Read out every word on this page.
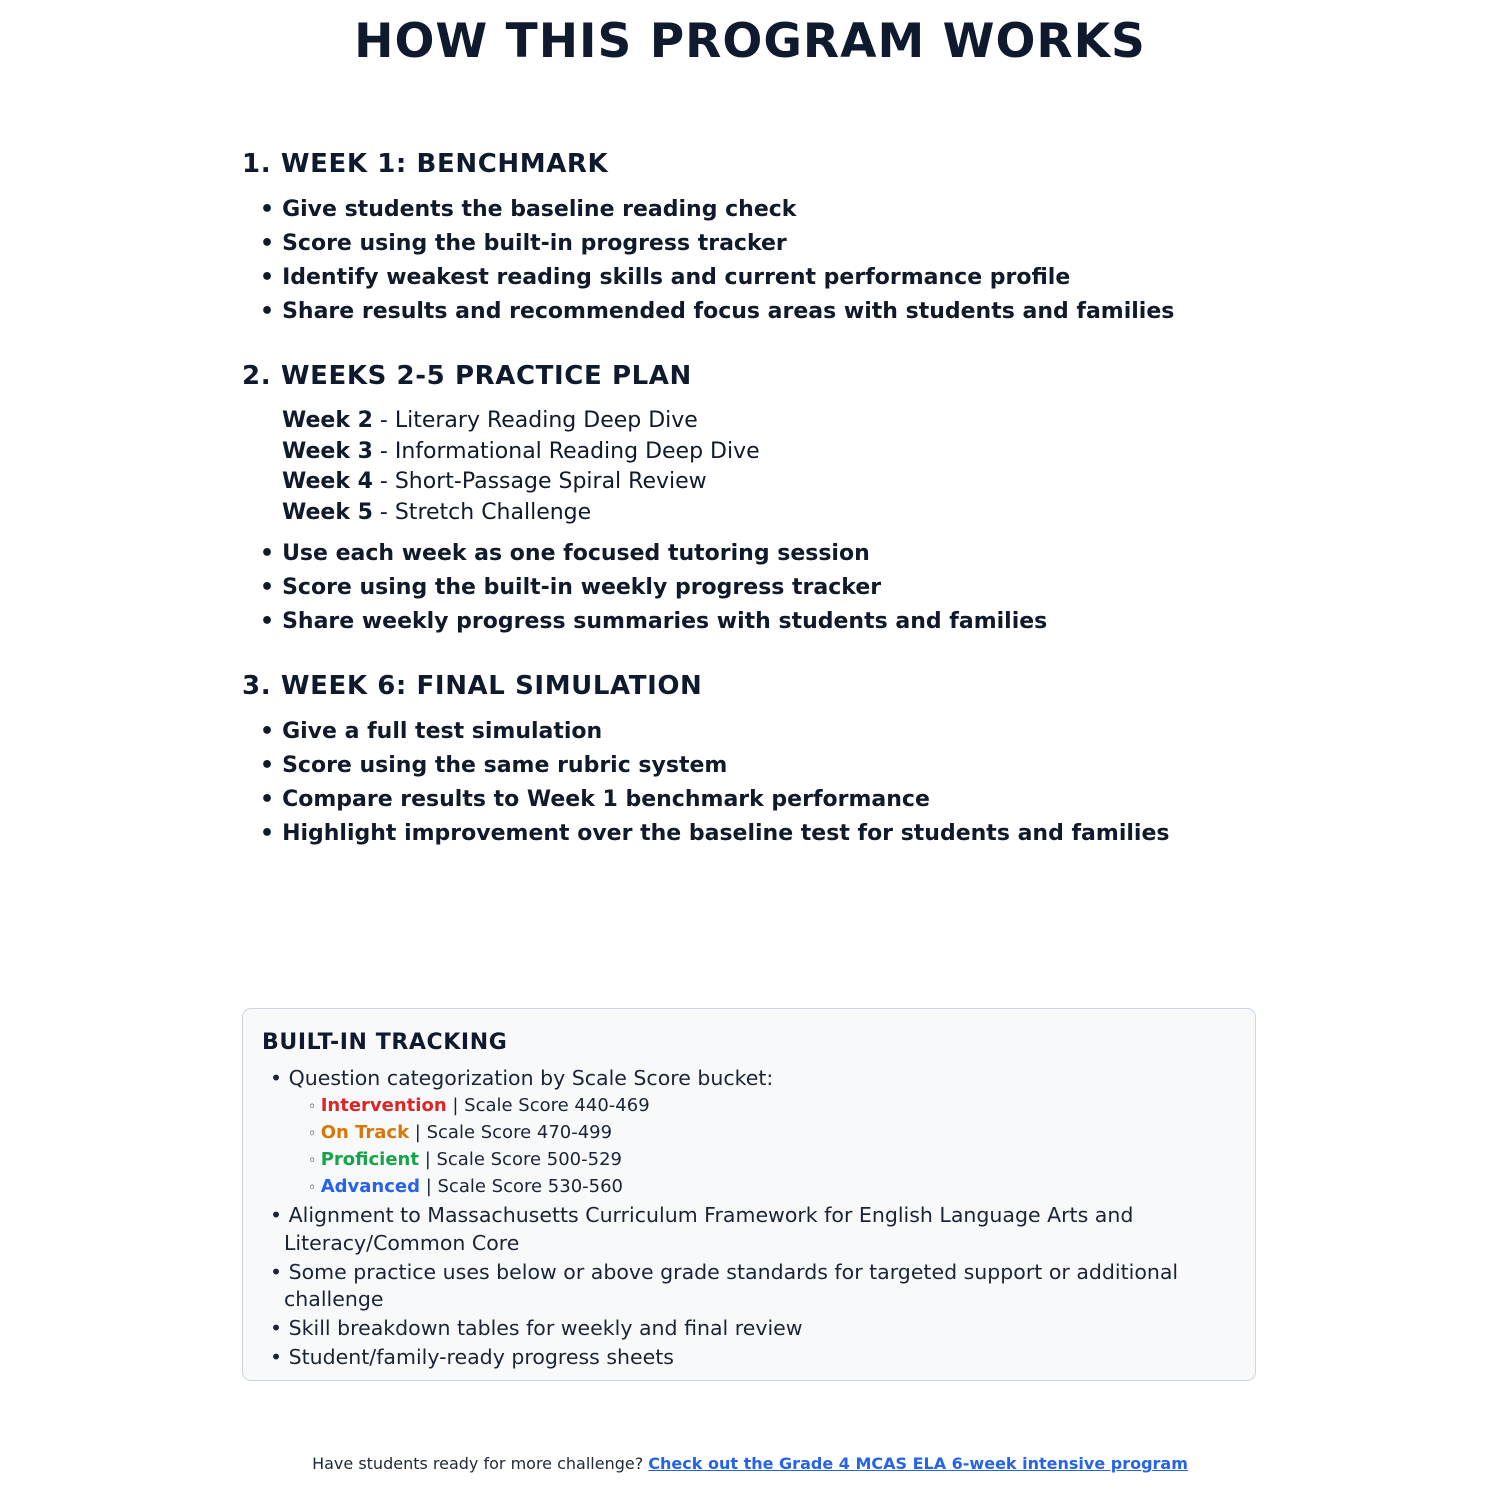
HOW THIS PROGRAM WORKS
1. WEEK 1: BENCHMARK
• Give students the baseline reading check
• Score using the built-in progress tracker
• Identify weakest reading skills and current performance profile
• Share results and recommended focus areas with students and families
2. WEEKS 2-5 PRACTICE PLAN
Week 2 - Literary Reading Deep Dive
Week 3 - Informational Reading Deep Dive
Week 4 - Short-Passage Spiral Review
Week 5 - Stretch Challenge
• Use each week as one focused tutoring session
• Score using the built-in weekly progress tracker
• Share weekly progress summaries with students and families
3. WEEK 6: FINAL SIMULATION
• Give a full test simulation
• Score using the same rubric system
• Compare results to Week 1 benchmark performance
• Highlight improvement over the baseline test for students and families
BUILT-IN TRACKING
• Question categorization by Scale Score bucket:
◦ Intervention | Scale Score 440-469
◦ On Track | Scale Score 470-499
◦ Proficient | Scale Score 500-529
◦ Advanced | Scale Score 530-560
• Alignment to Massachusetts Curriculum Framework for English Language Arts and Literacy/Common Core
• Some practice uses below or above grade standards for targeted support or additional challenge
• Skill breakdown tables for weekly and final review
• Student/family-ready progress sheets
Have students ready for more challenge? Check out the Grade 4 MCAS ELA 6-week intensive program
